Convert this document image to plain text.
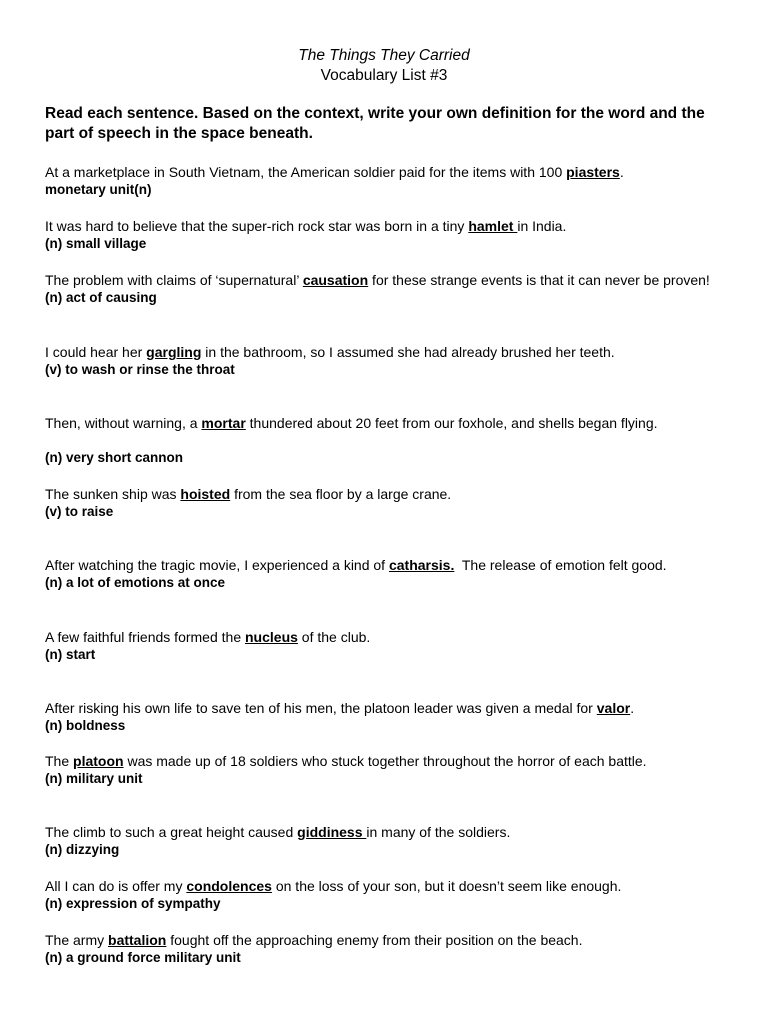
The Things They Carried
Vocabulary List #3
Read each sentence. Based on the context, write your own definition for the word and the part of speech in the space beneath.
At a marketplace in South Vietnam, the American soldier paid for the items with 100 piasters.
monetary unit(n)
It was hard to believe that the super-rich rock star was born in a tiny hamlet in India.
(n) small village
The problem with claims of ‘supernatural’ causation for these strange events is that it can never be proven!
(n) act of causing
I could hear her gargling in the bathroom, so I assumed she had already brushed her teeth.
(v) to wash or rinse the throat
Then, without warning, a mortar thundered about 20 feet from our foxhole, and shells began flying.
(n) very short cannon
The sunken ship was hoisted from the sea floor by a large crane.
(v) to raise
After watching the tragic movie, I experienced a kind of catharsis.  The release of emotion felt good.
(n) a lot of emotions at once
A few faithful friends formed the nucleus of the club.
(n) start
After risking his own life to save ten of his men, the platoon leader was given a medal for valor.
(n) boldness
The platoon was made up of 18 soldiers who stuck together throughout the horror of each battle.
(n) military unit
The climb to such a great height caused giddiness in many of the soldiers.
(n) dizzying
All I can do is offer my condolences on the loss of your son, but it doesn’t seem like enough.
(n) expression of sympathy
The army battalion fought off the approaching enemy from their position on the beach.
(n) a ground force military unit
